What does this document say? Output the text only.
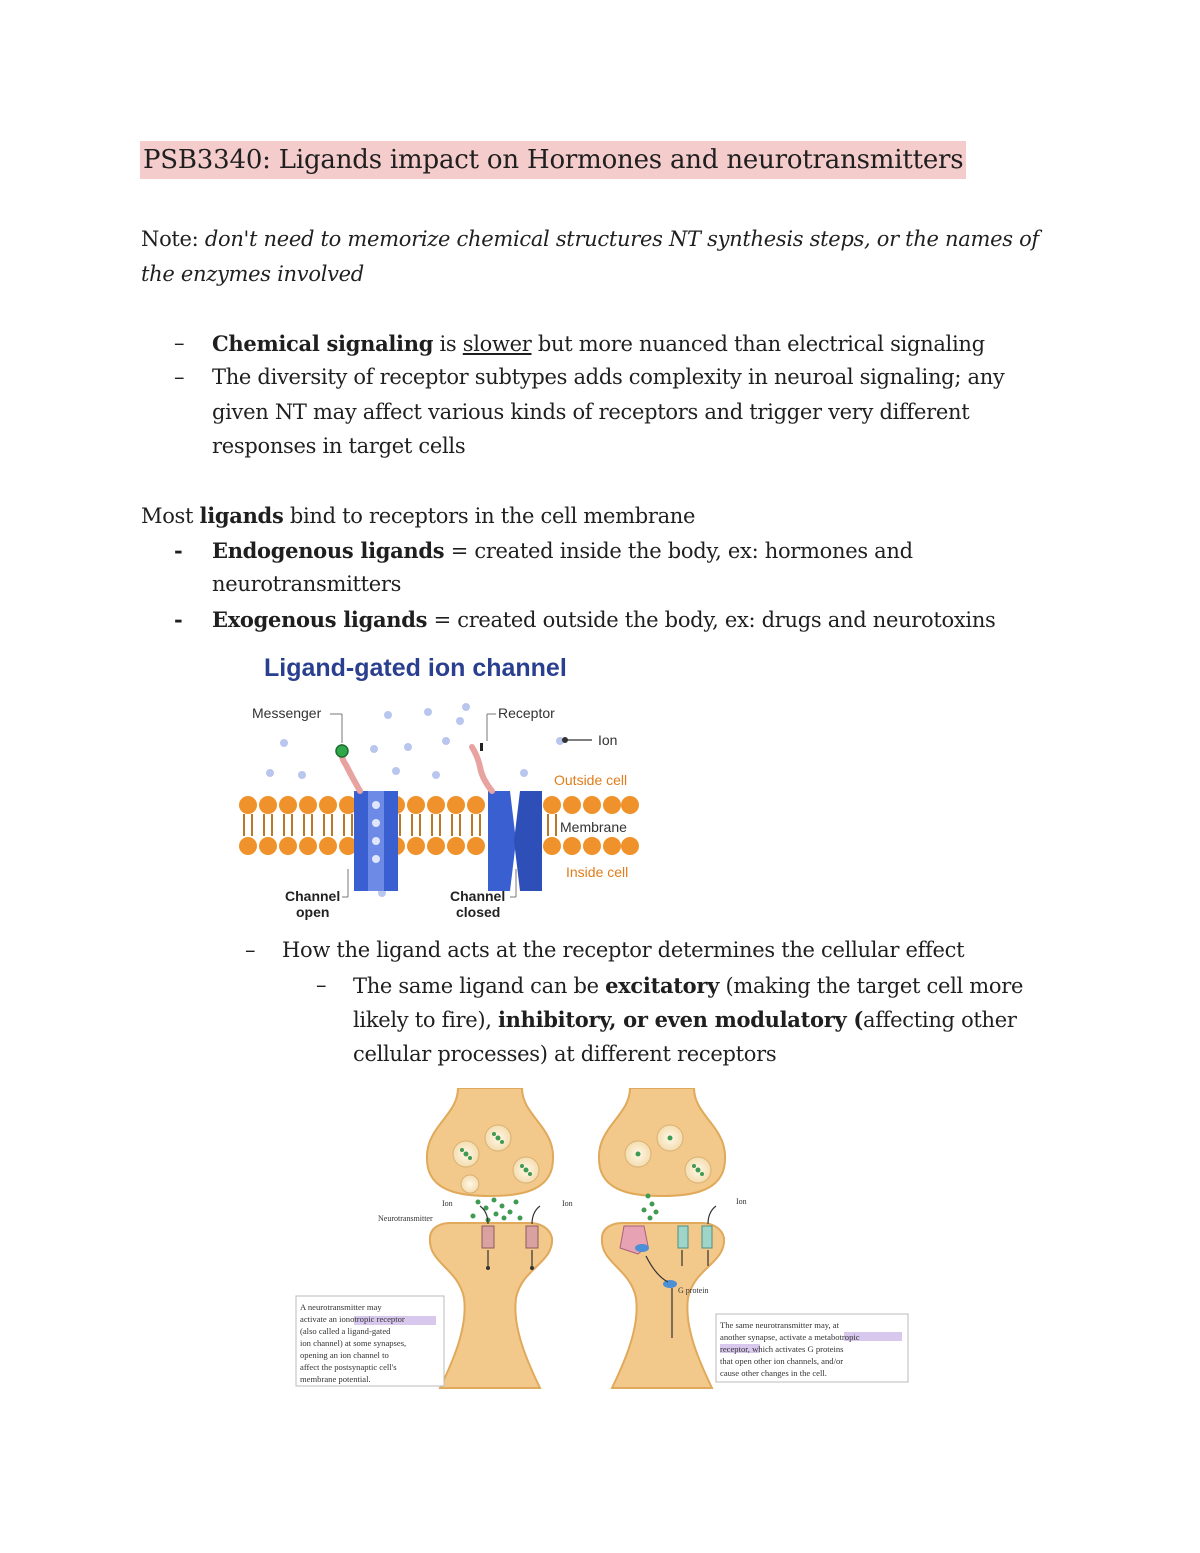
PSB3340: Ligands impact on Hormones and neurotransmitters
Note: don't need to memorize chemical structures NT synthesis steps, or the names of
the enzymes involved
– Chemical signaling is slower but more nuanced than electrical signaling
– The diversity of receptor subtypes adds complexity in neuroal signaling; any
given NT may affect various kinds of receptors and trigger very different
responses in target cells
Most ligands bind to receptors in the cell membrane
- Endogenous ligands = created inside the body, ex: hormones and
neurotransmitters
- Exogenous ligands = created outside the body, ex: drugs and neurotoxins
Ligand-gated ion channel
Messenger	Receptor
Ion
Outside cell
Membrane
Inside cell
Channel
open
Channel
closed
– How the ligand acts at the receptor determines the cellular effect
– The same ligand can be excitatory (making the target cell more
likely to fire), inhibitory, or even modulatory (affecting other
cellular processes) at different receptors
Ion	Ion
Neurotransmitter
Ion
G protein
A neurotransmitter may activate an ionotropic receptor (also called a ligand-gated ion channel) at some synapses, opening an ion channel to affect the postsynaptic cell's membrane potential.
The same neurotransmitter may, at another synapse, activate a metabotropic receptor, which activates G proteins that open other ion channels, and/or cause other changes in the cell.
